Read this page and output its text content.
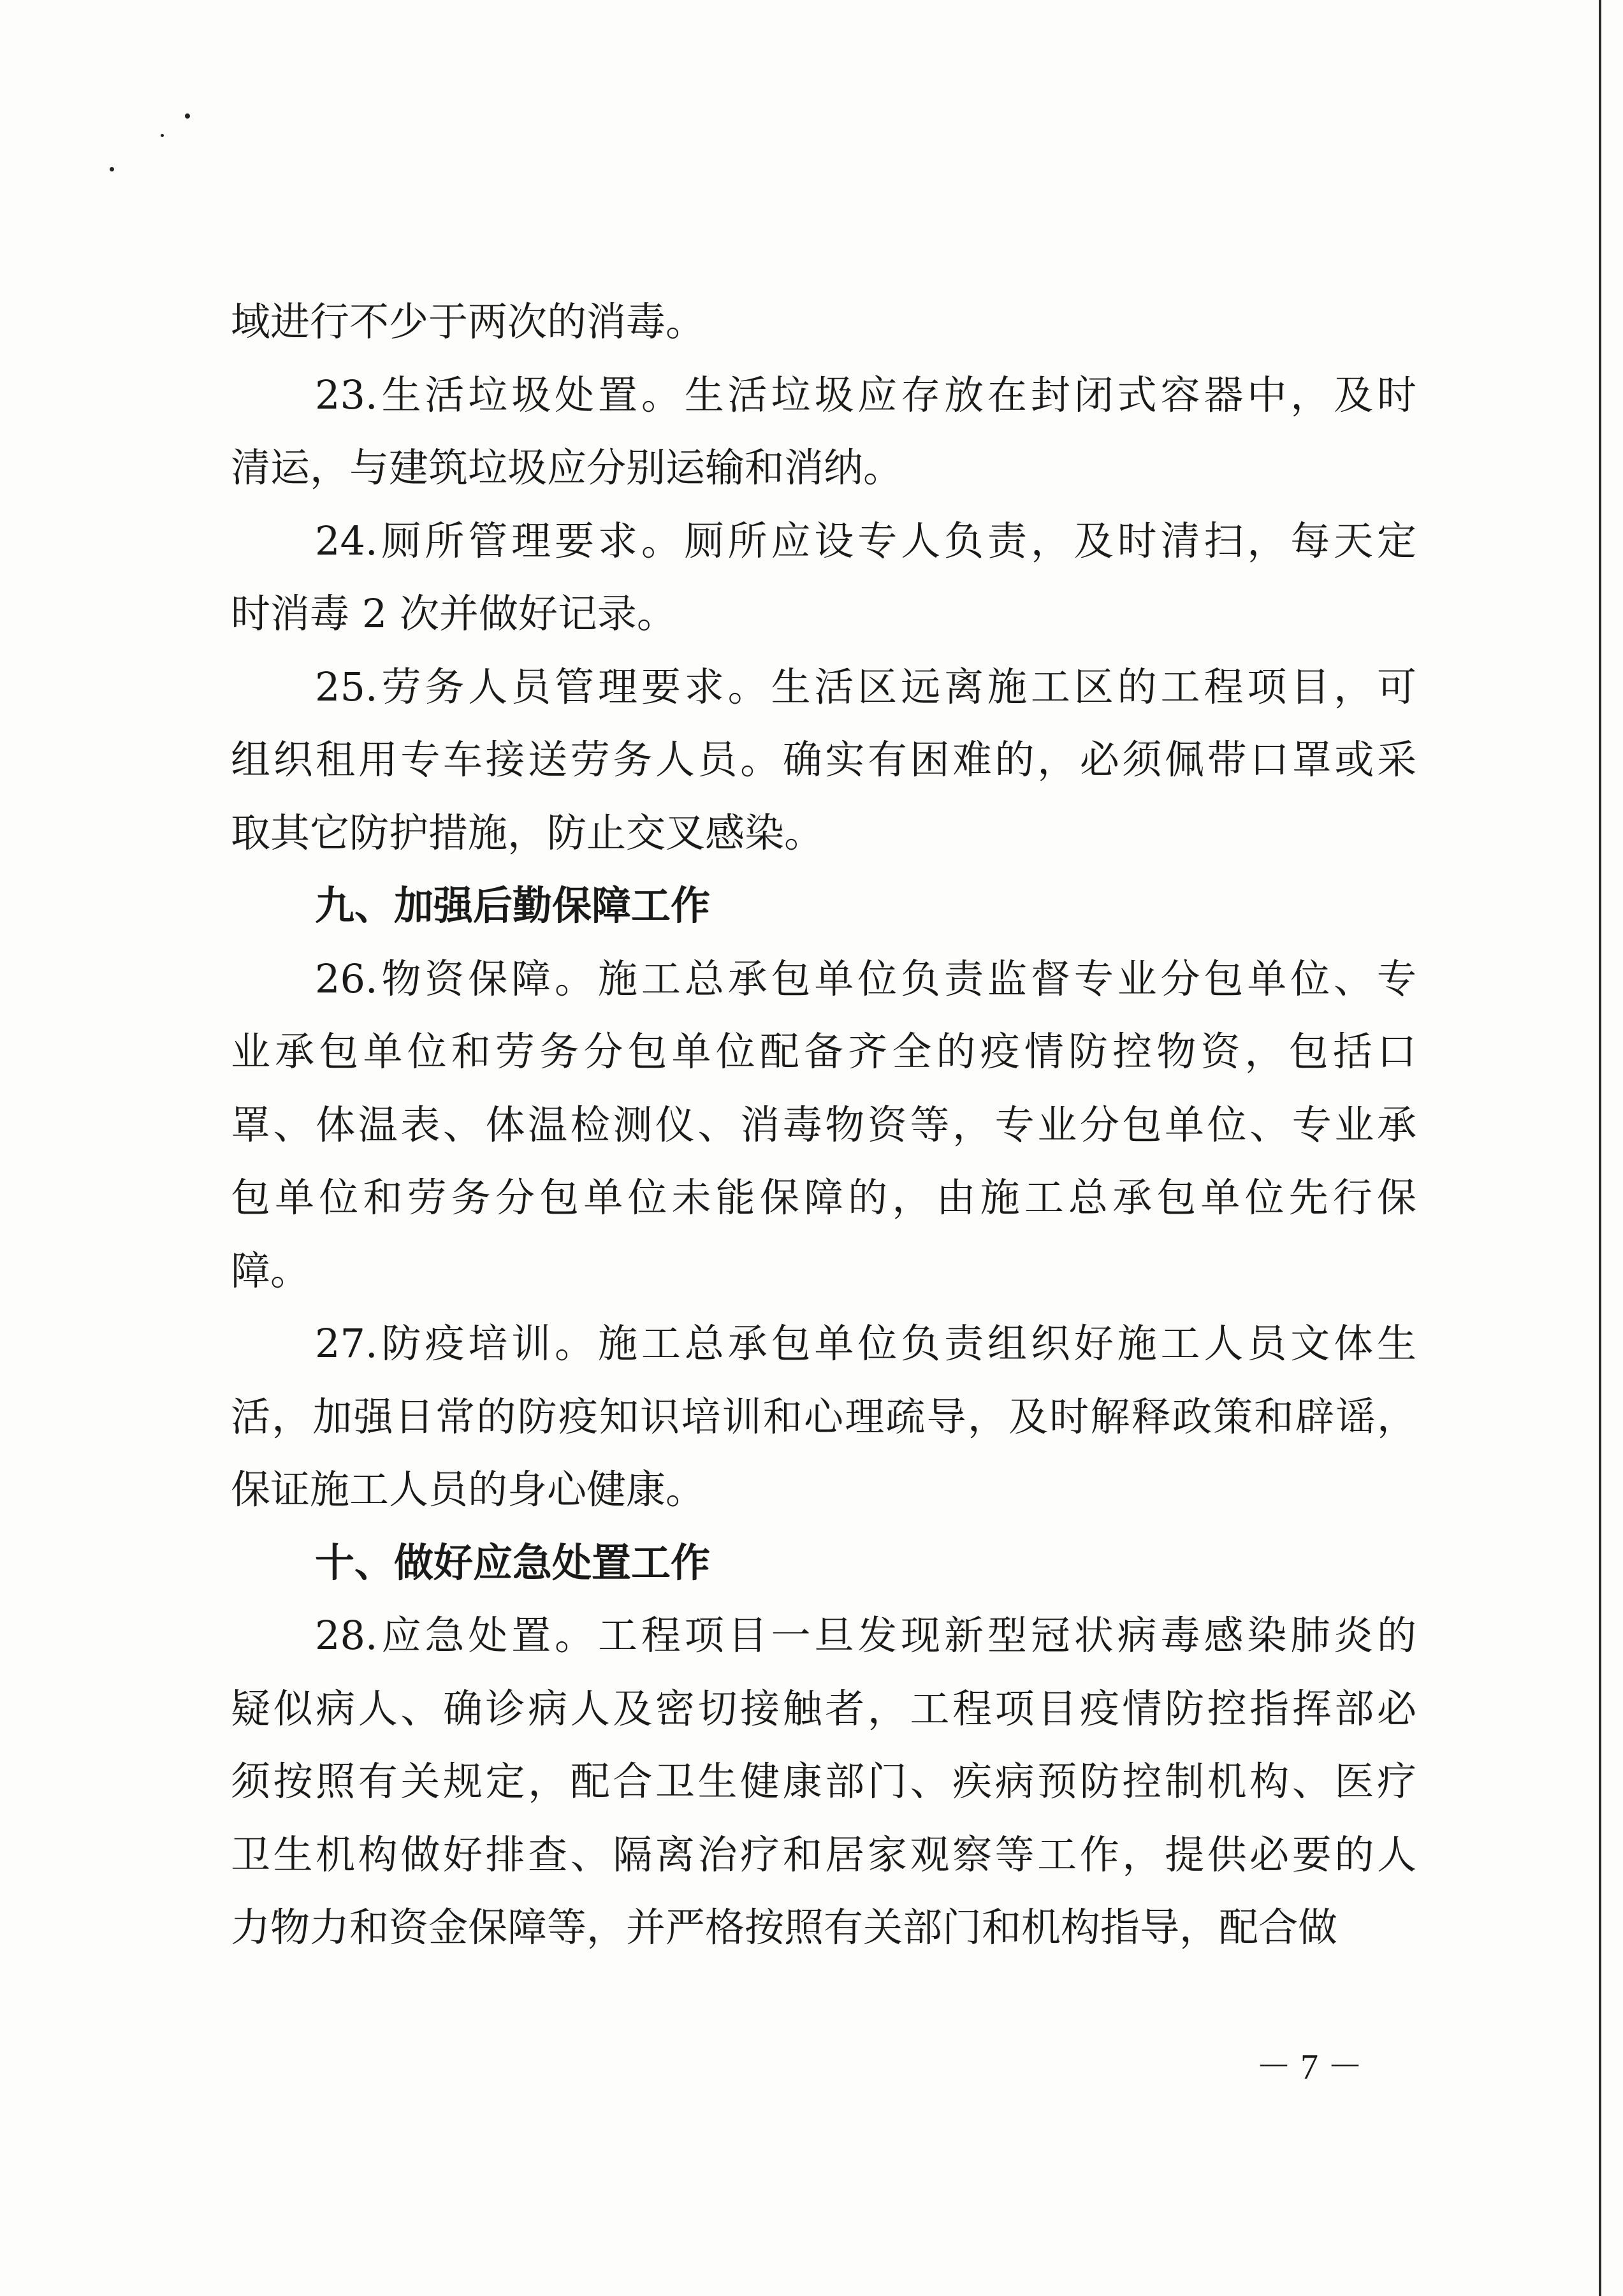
域进行不少于两次的消毒。
23.生活垃圾处置。生活垃圾应存放在封闭式容器中，及时
清运，与建筑垃圾应分别运输和消纳。
24.厕所管理要求。厕所应设专人负责，及时清扫，每天定
时消毒 2 次并做好记录。
25.劳务人员管理要求。生活区远离施工区的工程项目，可
组织租用专车接送劳务人员。确实有困难的，必须佩带口罩或采
取其它防护措施，防止交叉感染。
九、加强后勤保障工作
26.物资保障。施工总承包单位负责监督专业分包单位、专
业承包单位和劳务分包单位配备齐全的疫情防控物资，包括口
罩、体温表、体温检测仪、消毒物资等，专业分包单位、专业承
包单位和劳务分包单位未能保障的，由施工总承包单位先行保
障。
27.防疫培训。施工总承包单位负责组织好施工人员文体生
活，加强日常的防疫知识培训和心理疏导，及时解释政策和辟谣，
保证施工人员的身心健康。
十、做好应急处置工作
28.应急处置。工程项目一旦发现新型冠状病毒感染肺炎的
疑似病人、确诊病人及密切接触者，工程项目疫情防控指挥部必
须按照有关规定，配合卫生健康部门、疾病预防控制机构、医疗
卫生机构做好排查、隔离治疗和居家观察等工作，提供必要的人
力物力和资金保障等，并严格按照有关部门和机构指导，配合做
－ 7 －
